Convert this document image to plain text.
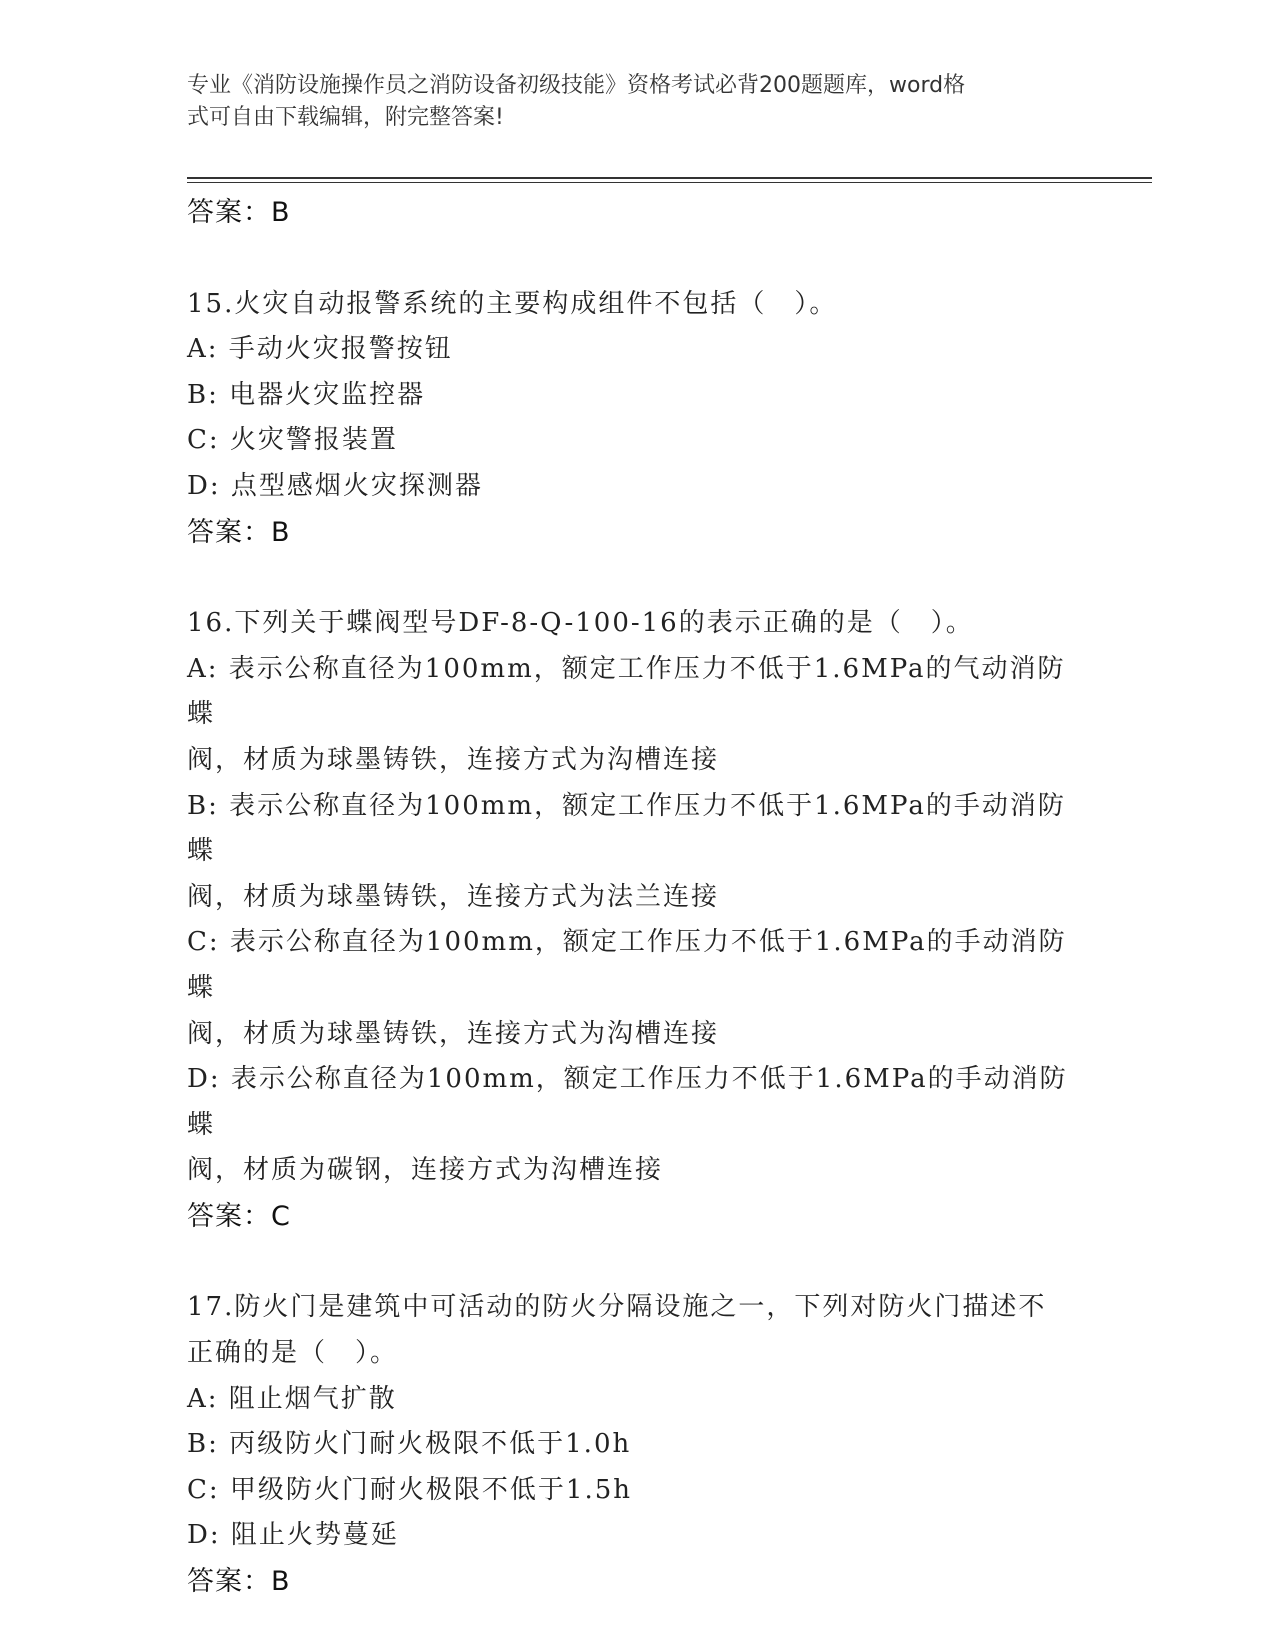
专业《消防设施操作员之消防设备初级技能》资格考试必背200题题库，word格
式可自由下载编辑，附完整答案!
答案：B
15.火灾自动报警系统的主要构成组件不包括（　）。
A: 手动火灾报警按钮
B: 电器火灾监控器
C: 火灾警报装置
D: 点型感烟火灾探测器
答案：B
16.下列关于蝶阀型号DF-8-Q-100-16的表示正确的是（　）。
A: 表示公称直径为100mm，额定工作压力不低于1.6MPa的气动消防蝶
阀，材质为球墨铸铁，连接方式为沟槽连接
B: 表示公称直径为100mm，额定工作压力不低于1.6MPa的手动消防蝶
阀，材质为球墨铸铁，连接方式为法兰连接
C: 表示公称直径为100mm，额定工作压力不低于1.6MPa的手动消防蝶
阀，材质为球墨铸铁，连接方式为沟槽连接
D: 表示公称直径为100mm，额定工作压力不低于1.6MPa的手动消防蝶
阀，材质为碳钢，连接方式为沟槽连接
答案：C
17.防火门是建筑中可活动的防火分隔设施之一，下列对防火门描述不
正确的是（　）。
A: 阻止烟气扩散
B: 丙级防火门耐火极限不低于1.0h
C: 甲级防火门耐火极限不低于1.5h
D: 阻止火势蔓延
答案：B
